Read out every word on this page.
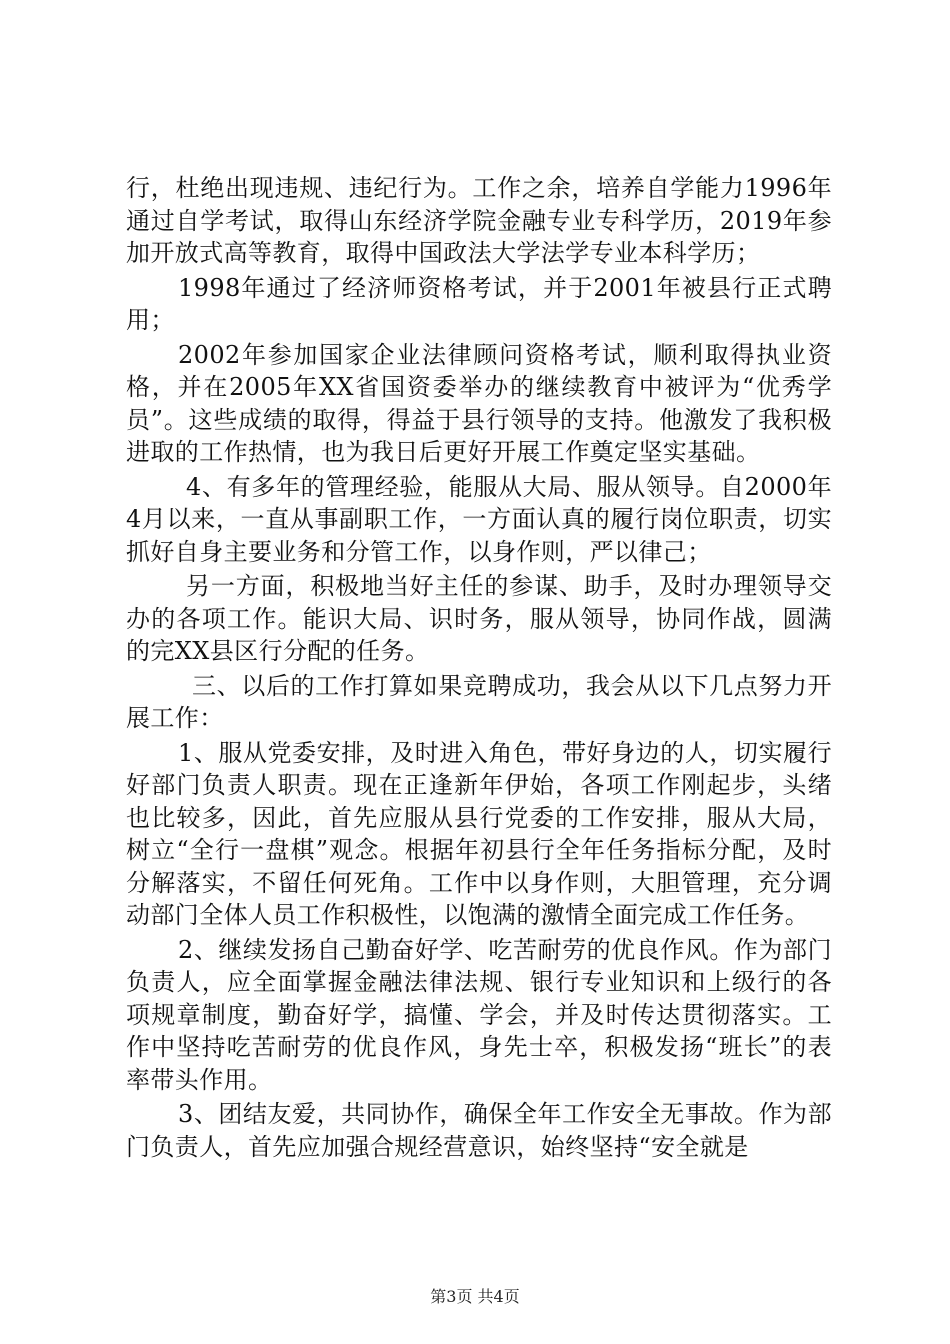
行，杜绝出现违规、违纪行为。工作之余，培养自学能力1996年通过自学考试，取得山东经济学院金融专业专科学历，2019年参加开放式高等教育，取得中国政法大学法学专业本科学历；

1998年通过了经济师资格考试，并于2001年被县行正式聘用；

2002年参加国家企业法律顾问资格考试，顺利取得执业资格，并在2005年XX省国资委举办的继续教育中被评为“优秀学员”。这些成绩的取得，得益于县行领导的支持。他激发了我积极进取的工作热情，也为我日后更好开展工作奠定坚实基础。

4、有多年的管理经验，能服从大局、服从领导。自2000年4月以来，一直从事副职工作，一方面认真的履行岗位职责，切实抓好自身主要业务和分管工作，以身作则，严以律己；

另一方面，积极地当好主任的参谋、助手，及时办理领导交办的各项工作。能识大局、识时务，服从领导，协同作战，圆满的完XX县区行分配的任务。

三、以后的工作打算如果竞聘成功，我会从以下几点努力开展工作：

1、服从党委安排，及时进入角色，带好身边的人，切实履行好部门负责人职责。现在正逢新年伊始，各项工作刚起步，头绪也比较多，因此，首先应服从县行党委的工作安排，服从大局，树立“全行一盘棋”观念。根据年初县行全年任务指标分配，及时分解落实，不留任何死角。工作中以身作则，大胆管理，充分调动部门全体人员工作积极性，以饱满的激情全面完成工作任务。

2、继续发扬自己勤奋好学、吃苦耐劳的优良作风。作为部门负责人，应全面掌握金融法律法规、银行专业知识和上级行的各项规章制度，勤奋好学，搞懂、学会，并及时传达贯彻落实。工作中坚持吃苦耐劳的优良作风，身先士卒，积极发扬“班长”的表率带头作用。

3、团结友爱，共同协作，确保全年工作安全无事故。作为部门负责人，首先应加强合规经营意识，始终坚持“安全就是

第3页 共4页
